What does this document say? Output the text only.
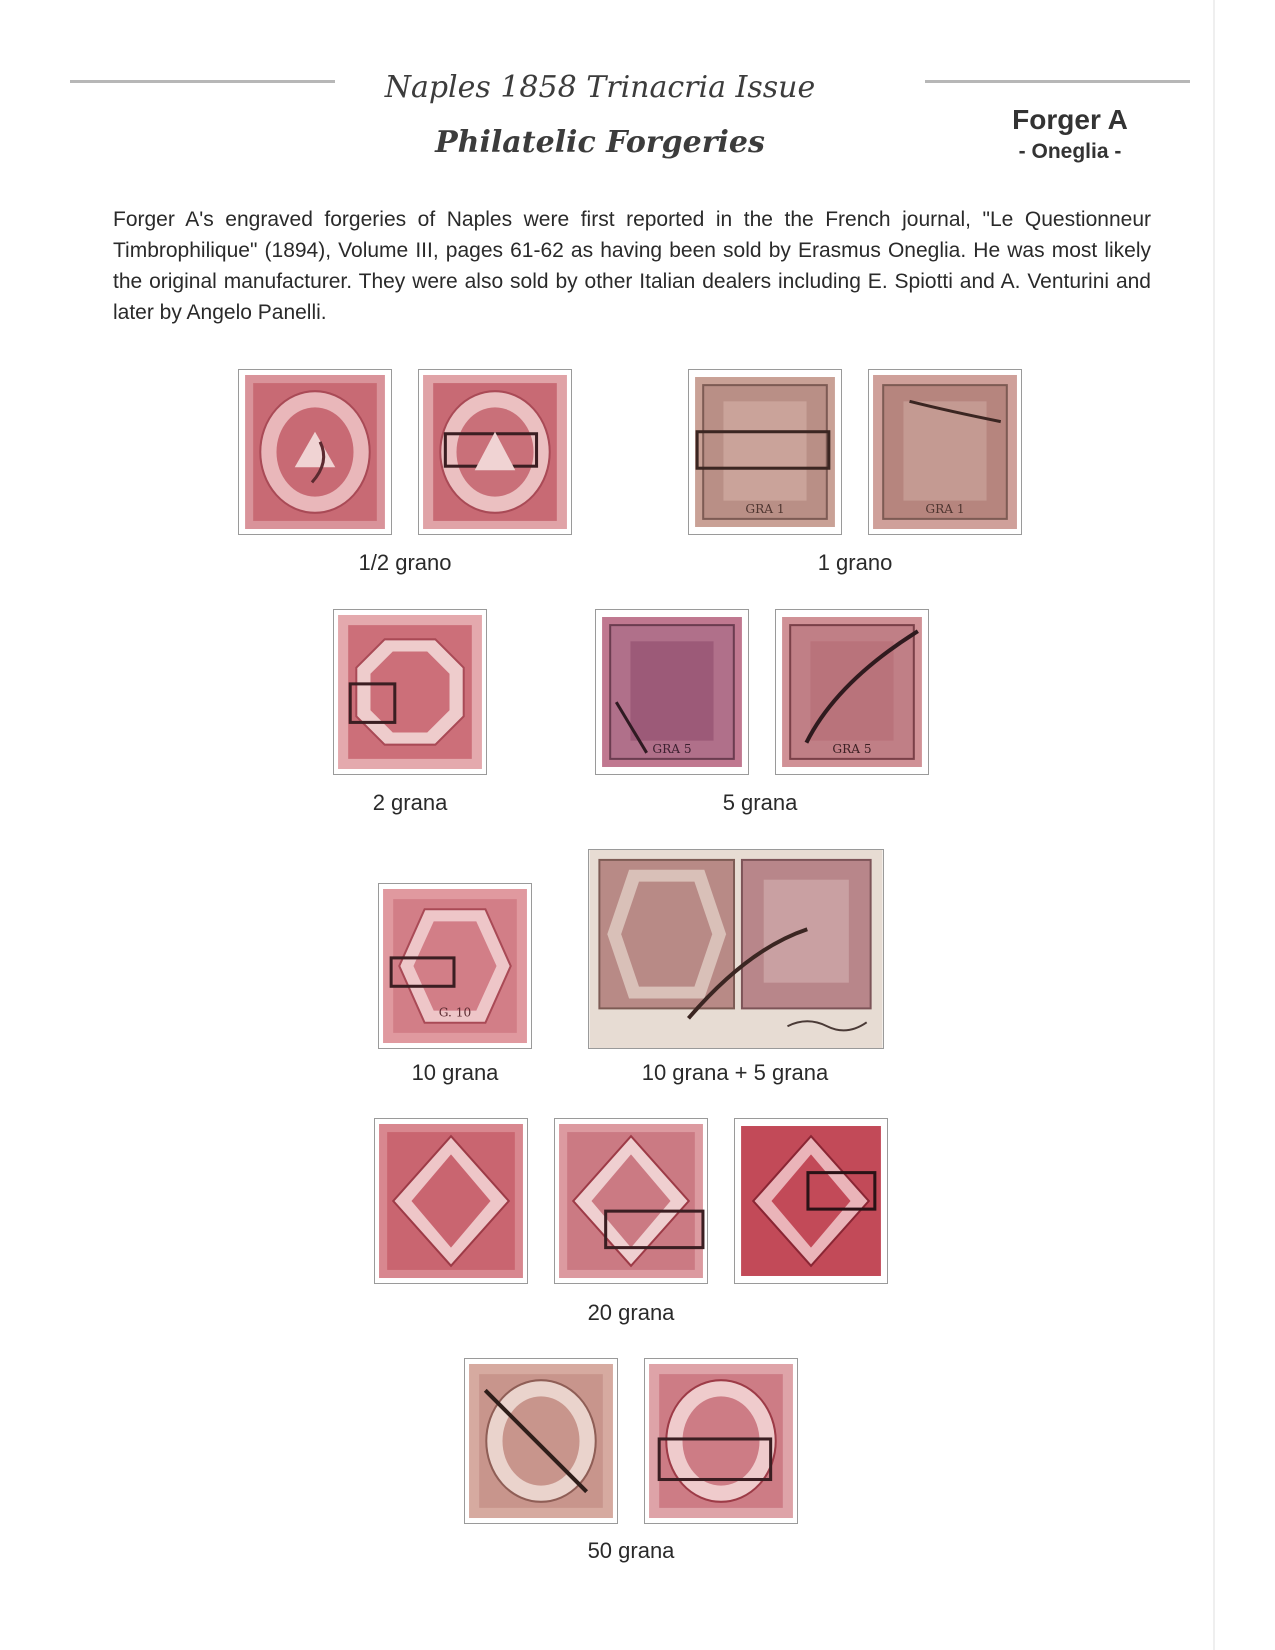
Naples 1858 Trinacria Issue
Philatelic Forgeries
Forger A
- Oneglia -
Forger A's engraved forgeries of Naples were first reported in the the French journal, "Le Questionneur Timbrophilique" (1894), Volume III, pages 61-62 as having been sold by Erasmus Oneglia. He was most likely the original manufacturer. They were also sold by other Italian dealers including E. Spiotti and A. Venturini and later by Angelo Panelli.
1/2 grano
GRA 1	GRA 1
1 grano
2 grana
GRA 5	GRA 5
5 grana
G. 10
10 grana	10 grana + 5 grana
20 grana
50 grana
